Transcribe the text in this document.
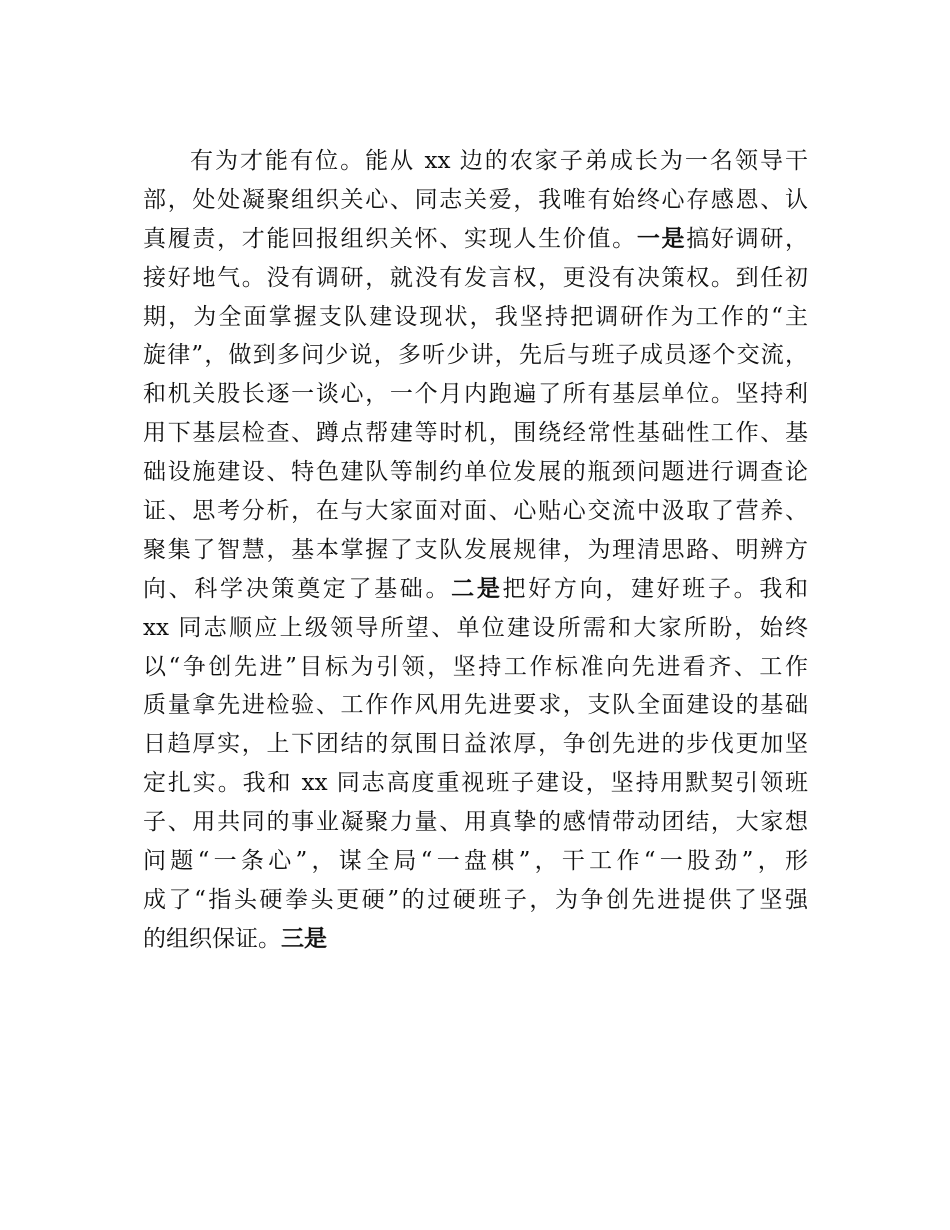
有为才能有位。能从 xx 边的农家子弟成长为一名领导干
部，处处凝聚组织关心、同志关爱，我唯有始终心存感恩、认
真履责，才能回报组织关怀、实现人生价值。一是搞好调研，
接好地气。没有调研，就没有发言权，更没有决策权。到任初
期，为全面掌握支队建设现状，我坚持把调研作为工作的“主
旋律”，做到多问少说，多听少讲，先后与班子成员逐个交流，
和机关股长逐一谈心，一个月内跑遍了所有基层单位。坚持利
用下基层检查、蹲点帮建等时机，围绕经常性基础性工作、基
础设施建设、特色建队等制约单位发展的瓶颈问题进行调查论
证、思考分析，在与大家面对面、心贴心交流中汲取了营养、
聚集了智慧，基本掌握了支队发展规律，为理清思路、明辨方
向、科学决策奠定了基础。二是把好方向，建好班子。我和
xx 同志顺应上级领导所望、单位建设所需和大家所盼，始终
以“争创先进”目标为引领，坚持工作标准向先进看齐、工作
质量拿先进检验、工作作风用先进要求，支队全面建设的基础
日趋厚实，上下团结的氛围日益浓厚，争创先进的步伐更加坚
定扎实。我和 xx 同志高度重视班子建设，坚持用默契引领班
子、用共同的事业凝聚力量、用真挚的感情带动团结，大家想
问题“一条心”，谋全局“一盘棋”，干工作“一股劲”，形
成了“指头硬拳头更硬”的过硬班子，为争创先进提供了坚强
的组织保证。三是
